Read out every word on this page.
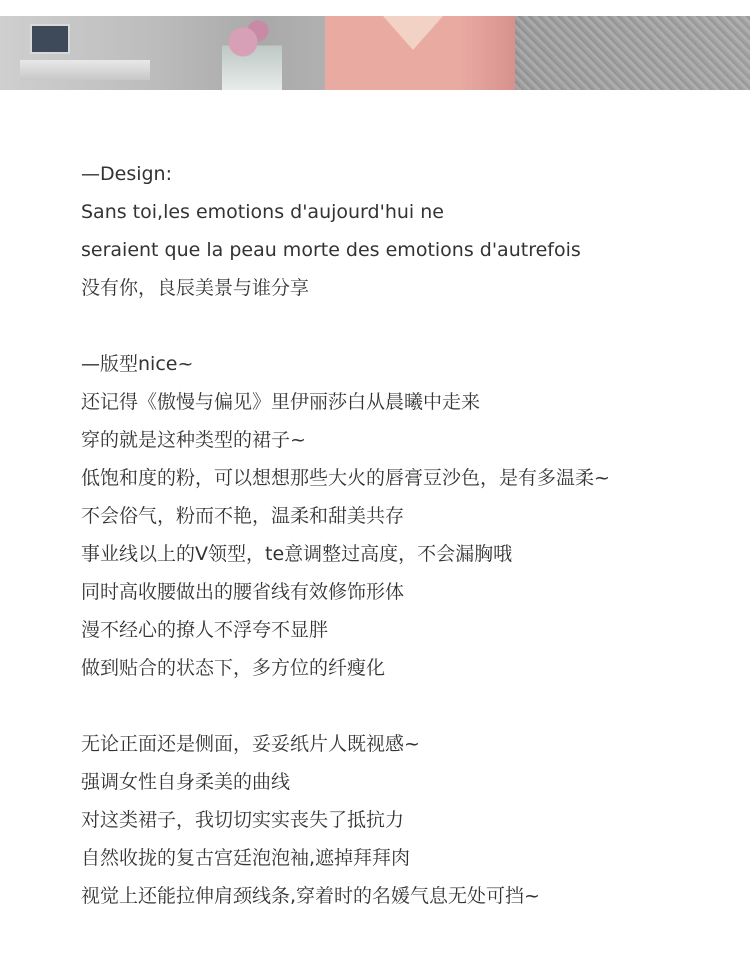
—Design:
Sans toi,les emotions d'aujourd'hui ne
seraient que la peau morte des emotions d'autrefois
没有你，良辰美景与谁分享
—版型nice~
还记得《傲慢与偏见》里伊丽莎白从晨曦中走来
穿的就是这种类型的裙子~
低饱和度的粉，可以想想那些大火的唇膏豆沙色，是有多温柔~
不会俗气，粉而不艳，温柔和甜美共存
事业线以上的V领型，te意调整过高度，不会漏胸哦
同时高收腰做出的腰省线有效修饰形体
漫不经心的撩人不浮夸不显胖
做到贴合的状态下，多方位的纤瘦化
无论正面还是侧面，妥妥纸片人既视感~
强调女性自身柔美的曲线
对这类裙子，我切切实实丧失了抵抗力
自然收拢的复古宫廷泡泡袖,遮掉拜拜肉
视觉上还能拉伸肩颈线条,穿着时的名媛气息无处可挡~
